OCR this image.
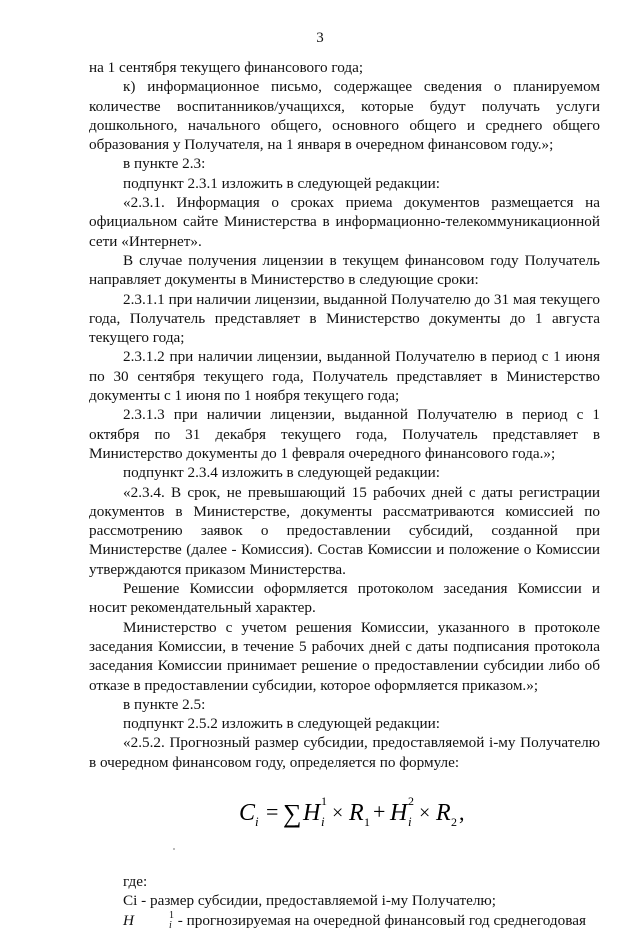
3

на 1 сентября текущего финансового года;

к) информационное письмо, содержащее сведения о планируемом количестве воспитанников/учащихся, которые будут получать услуги дошкольного, начального общего, основного общего и среднего общего образования у Получателя, на 1 января в очередном финансовом году.»;

в пункте 2.3:

подпункт 2.3.1 изложить в следующей редакции:

«2.3.1. Информация о сроках приема документов размещается на официальном сайте Министерства в информационно-телекоммуникационной сети «Интернет».

В случае получения лицензии в текущем финансовом году Получатель направляет документы в Министерство в следующие сроки:

2.3.1.1 при наличии лицензии, выданной Получателю до 31 мая текущего года, Получатель представляет в Министерство документы до 1 августа текущего года;

2.3.1.2 при наличии лицензии, выданной Получателю в период с 1 июня по 30 сентября текущего года, Получатель представляет в Министерство документы с 1 июня по 1 ноября текущего года;

2.3.1.3 при наличии лицензии, выданной Получателю в период с 1 октября по 31 декабря текущего года, Получатель представляет в Министерство документы до 1 февраля очередного финансового года.»;

подпункт 2.3.4 изложить в следующей редакции:

«2.3.4. В срок, не превышающий 15 рабочих дней с даты регистрации документов в Министерстве, документы рассматриваются комиссией по рассмотрению заявок о предоставлении субсидий, созданной при Министерстве (далее - Комиссия). Состав Комиссии и положение о Комиссии утверждаются приказом Министерства.

Решение Комиссии оформляется протоколом заседания Комиссии и носит рекомендательный характер.

Министерство с учетом решения Комиссии, указанного в протоколе заседания Комиссии, в течение 5 рабочих дней с даты подписания протокола заседания Комиссии принимает решение о предоставлении субсидии либо об отказе в предоставлении субсидии, которое оформляется приказом.»;

в пункте 2.5:

подпункт 2.5.2 изложить в следующей редакции:

«2.5.2. Прогнозный размер субсидии, предоставляемой i-му Получателю в очередном финансовом году, определяется по формуле:

C i = ∑ H 1
i × R 1 + H 2
i × R 2 ,

где:

Ci - размер субсидии, предоставляемой i-му Получателю;

H	1
i - прогнозируемая на очередной финансовый год среднегодовая
